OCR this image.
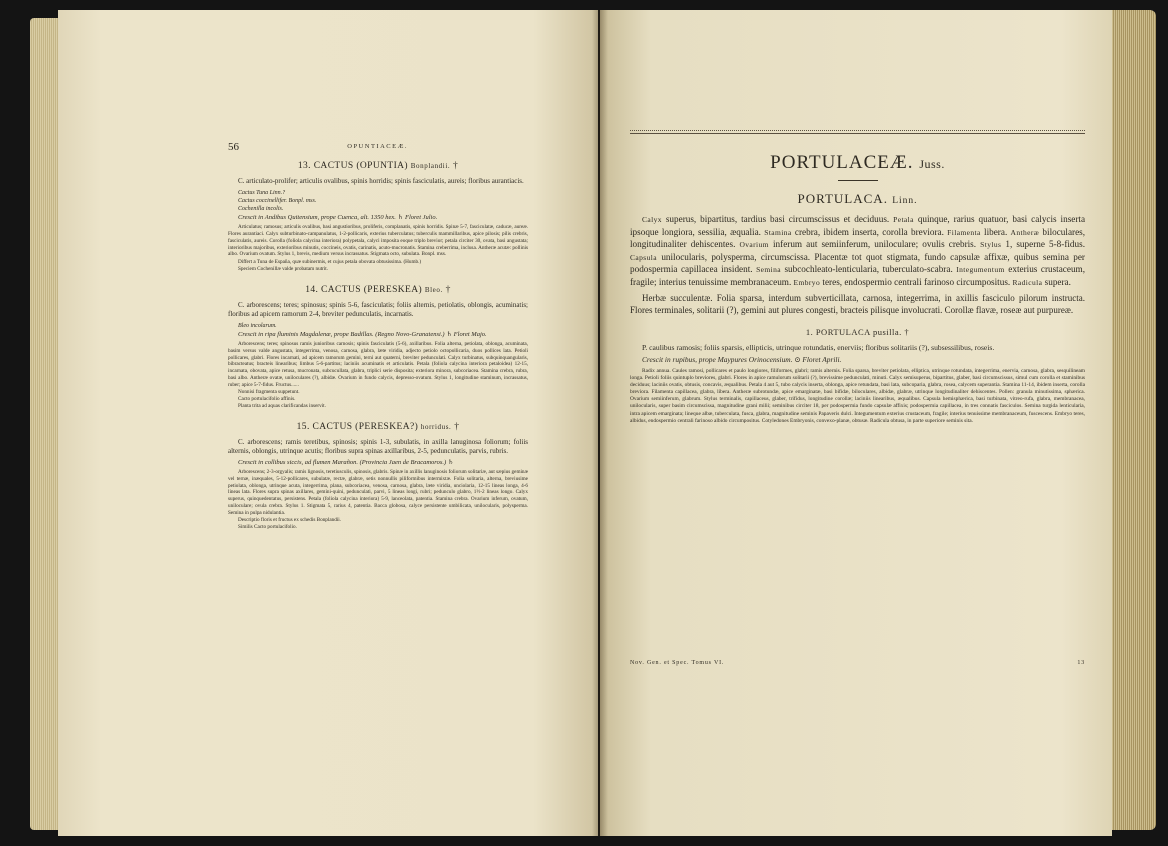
56	OPUNTIACEÆ.
13. CACTUS (OPUNTIA) Bonplandii. †

C. articulato-prolifer; articulis ovalibus, spinis horridis; spinis fasciculatis, aureis; floribus aurantiacis.

Cactus Tuna Linn.?

Cactus coccinellifer. Bonpl. mss.

Cochenilla incolis.

Crescit in Andibus Quitensium, prope Cuenca, alt. 1350 hex. ♄ Floret Julio.

Articulatus; ramosus; articulis ovalibus, basi angustioribus, proliferis, complanatis, spinis horridis. Spinæ 5-7, fasciculatæ, caducæ, aureæ. Flores aurantiaci. Calyx subturbinato-campanulatus, 1-2-pollicaris, exterius tuberculatus; tuberculis mammillaribus, apice pilosis; pilis crebris, fasciculatis, aureis. Corolla (foliola calycina interiora) polypetala, calyci imposita eoque triplo brevior; petala circiter 30, ovata, basi angustata; interioribus majoribus, exterioribus minutis, coccineis, ovatis, carinatis, acuto-mucronatis. Stamina creberrima, inclusa. Antheræ acutæ: pollinis albo. Ovarium ovatum. Stylus 1, brevis, medium versus incrassatus. Stigmata octo, subulata. Bonpl. mss.

Differt a Tuna de España, quæ subinermis, et cujus petala obovata obtusissima. (Humb.)

Speciem Cochenillæ valde probatam nutrit.

14. CACTUS (PERESKEA) Bleo. †

C. arborescens; teres; spinosus; spinis 5-6, fasciculatis; foliis alternis, petiolatis, oblongis, acuminatis; floribus ad apicem ramorum 2-4, breviter pedunculatis, incarnatis.

Bleo incolarum.

Crescit in ripa fluminis Magdalenæ, prope Badillas. (Regno Novo-Granatensi.) ♄ Floret Majo.

Arborescens; teres; spinosus ramis junioribus carnosis; spinis fasciculatis (5-6), axillaribus. Folia alterna, petiolata, oblonga, acuminata, basim versus valde angustata, integerrima, venosa, carnosa, glabra, læte viridia, adjecto petiolo octopollicaria, duos pollices lata. Petioli pollicares, glabri. Flores incarnati, ad apicem ramorum gemini, terni aut quaterni, breviter pedunculati. Calyx turbinatus, subquinquangularis, bibracteatus; bracteis linearibus; limbus 5-6-partitus; laciniis acuminatis et articulatis. Petala (foliola calycina interiora petaloidea) 12-15, incarnata, obovata, apice retusa, mucronata, subcucullata, glabra, triplici serie disposita; exteriora minora, subcoriacea. Stamina crebra, rubra, basi albo. Antheræ ovatæ, uniloculares (?), albidæ. Ovarium in fundo calycis, depresso-ovatum. Stylus 1, longitudine staminum, incrassatus, ruber; apice 5-7-fidus. Fructus......

Nonnisi fragmenta suppetunt.

Cacto portulacifolio affinis.

Planta trita ad aquas clarificandas inservit.

15. CACTUS (PERESKEA?) horridus. †

C. arborescens; ramis teretibus, spinosis; spinis 1-3, subulatis, in axilla lanuginosa foliorum; foliis alternis, oblongis, utrinque acutis; floribus supra spinas axillaribus, 2-5, pedunculatis, parvis, rubris.

Crescit in collibus siccis, ad flumen Marañon. (Provincia Jaen de Bracamoros.) ♄

Arborescens; 2-3-orgyalis; ramis lignosis, teretiusculis, spinosis, glabris. Spinæ in axillis lanuginosis foliorum solitariæ, aut sæpius geminæ vel ternæ, inæquales, 5-12-pollicares, subulatæ, rectæ, glabræ, setis nonnullis piliformibus intermixtæ. Folia solitaria, alterna, breviusime petiolata, oblonga, utrinque acuta, integerrima, plana, subcoriacea, venosa, carnosa, glabra, læte viridia, unciolaria, 12-15 lineas longa, 4-6 lineas lata. Flores supra spinas axillares, gemini-quini, pedunculati, parvi, 5 lineas longi, rubri; pedunculo glabro, 1½-2 lineas longo. Calyx superus, quinquedentatus, persistens. Petala (foliola calycina interiora) 5-9, lanceolata, patentia. Stamina crebra. Ovarium inferum, ovatum, uniloculare; ovula crebra. Stylus 1. Stigmata 5, rarius 4, patentia. Bacca globosa, calyce persistente umbilicata, unilocularis, polysperma. Semina in pulpa nidulantia.

Descriptio floris et fructus ex schedis Bonplandii.

Similis Cacto portulacifolio.

PORTULACEÆ. Juss.
PORTULACA. Linn.

Calyx superus, bipartitus, tardius basi circumscissus et deciduus. Petala quinque, rarius quatuor, basi calycis inserta ipsoque longiora, sessilia, æqualia. Stamina crebra, ibidem inserta, corolla breviora. Filamenta libera. Antheræ biloculares, longitudinaliter dehiscentes. Ovarium inferum aut semiinferum, uniloculare; ovulis crebris. Stylus 1, superne 5-8-fidus. Capsula unilocularis, polysperma, circumscissa. Placentæ tot quot stigmata, fundo capsulæ affixæ, quibus semina per podospermia capillacea insident. Semina subcochleato-lenticularia, tuberculato-scabra. Integumentum exterius crustaceum, fragile; interius tenuissime membranaceum. Embryo teres, endospermio centrali farinoso circumpositus. Radicula supera.

Herbæ succulentæ. Folia sparsa, interdum subverticillata, carnosa, integerrima, in axillis fasciculo pilorum instructa. Flores terminales, solitarii (?), gemini aut plures congesti, bracteis pilisque involucrati. Corollæ flavæ, roseæ aut purpureæ.

1. PORTULACA pusilla. †

P. caulibus ramosis; foliis sparsis, ellipticis, utrinque rotundatis, enerviis; floribus solitariis (?), subsessilibus, roseis.

Crescit in rupibus, prope Maypures Orinocensium. ⊙ Floret Aprili.

Radix annua. Caules ramosi, pollicares et paulo longiores, filiformes, glabri; ramis alternis. Folia sparsa, breviter petiolata, elliptica, utrinque rotundata, integerrima, enervia, carnosa, glabra, sesquilineam longa. Petioli foliis quintuplo breviores, glabri. Flores in apice ramulorum solitarii (?), brevissime pedunculati, minuti. Calyx semisuperus, bipartitus, glaber, basi circumscissus, simul cum corolla et staminibus deciduus; laciniis ovatis, obtusis, concavis, æqualibus. Petala 4 aut 5, tubo calycis inserta, oblonga, apice retundata, basi lata, subcoparia, glabra, rosea, calycem superantia. Stamina 11-14, ibidem inserta, corolla breviora. Filamenta capillacea, glabra, libera. Antheræ subrotundæ, apice emarginatæ, basi bifidæ, biloculares, albidæ, glabræ, utrinque longitudinaliter dehiscentes. Pollen: granula minutissima, sphærica. Ovarium semiinferum, glabrum. Stylus terminalis, capillaceus, glaber, trifidus, longitudine corollæ; laciniis linearibus, æqualibus. Capsula hemisphærica, basi turbinata, vitreo-rufa, glabra, membranacea, unilocularis, super basim circumscissa, magnitudine grani milii; seminibus circiter 18, per podospermia fundo capsulæ affixis; podospermia capillacea, in tres connatis fasciculos. Semina turgida lenticularia, intra apicem emarginata; lineque albæ, tuberculata, fusca, glabra, magnitudine seminis Papaveris dulci. Integumentum exterius crustaceum, fragile; interius tenuissime membranaceum, fuscescens. Embryo teres, albidus, endospermio centrali farinoso albido circumpositus. Cotyledones Embryonis, convexo-planæ, obtusæ. Radicula obtusa, in parte superiore seminis sita.

Nov. Gen. et Spec. Tomus VI.	13
